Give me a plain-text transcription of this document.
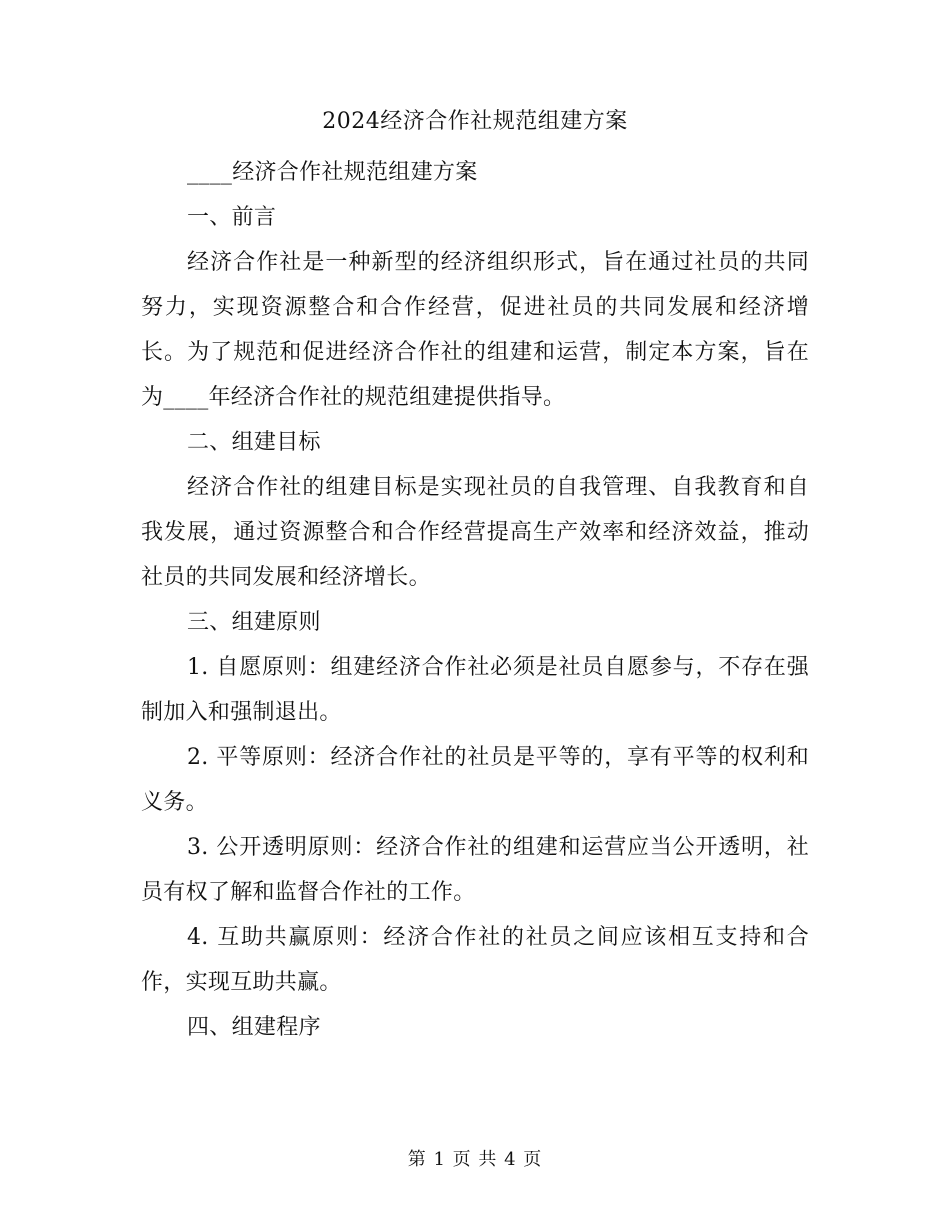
2024经济合作社规范组建方案

____经济合作社规范组建方案

一、前言

经济合作社是一种新型的经济组织形式，旨在通过社员的共同努力，实现资源整合和合作经营，促进社员的共同发展和经济增长。为了规范和促进经济合作社的组建和运营，制定本方案，旨在为____年经济合作社的规范组建提供指导。

二、组建目标

经济合作社的组建目标是实现社员的自我管理、自我教育和自我发展，通过资源整合和合作经营提高生产效率和经济效益，推动社员的共同发展和经济增长。

三、组建原则

1. 自愿原则：组建经济合作社必须是社员自愿参与，不存在强制加入和强制退出。

2. 平等原则：经济合作社的社员是平等的，享有平等的权利和义务。

3. 公开透明原则：经济合作社的组建和运营应当公开透明，社员有权了解和监督合作社的工作。

4. 互助共赢原则：经济合作社的社员之间应该相互支持和合作，实现互助共赢。

四、组建程序

第 1 页 共 4 页
